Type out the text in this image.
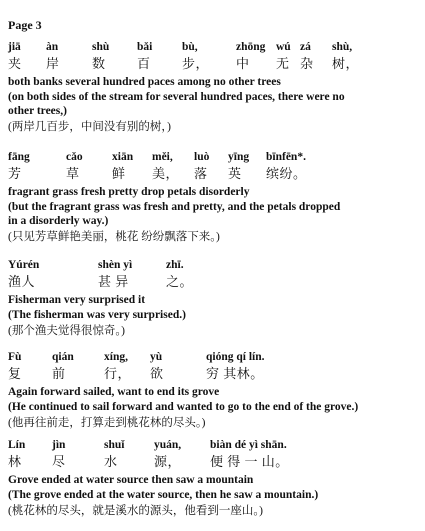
Page 3
jiā
夹
àn
岸
shù
数
bǎi
百
bù,
步，
zhōng
中
wú
无
zá
杂
shù,
树，
both banks several hundred paces among no other trees
(on both sides of the stream for several hundred paces, there were no
other trees,)
(两岸几百步，中间没有别的树，)
fāng
芳
cǎo
草
xiān
鲜
měi,
美，
luò
落
yīng
英
bīnfēn*.
缤纷。
fragrant grass fresh pretty drop petals disorderly
(but the fragrant grass was fresh and pretty, and the petals dropped
in a disorderly way.)
(只见芳草鲜艳美丽，桃花 纷纷飘落下来。)
Yúrén
渔人
shèn yì
甚 异
zhī.
之。
Fisherman very surprised it
(The fisherman was very surprised.)
(那个渔夫觉得很惊奇。)
Fù
复
qián
前
xíng,
行，
yù
欲
qióng qí lín.
穷 其林。
Again forward sailed, want to end its grove
(He continued to sail forward and wanted to go to the end of the grove.)
(他再往前走，打算走到桃花林的尽头。)
Lín
林
jìn
尽
shuǐ
水
yuán,
源，
biàn dé yì shān.
便 得 一 山。
Grove ended at water source then saw a mountain
(The grove ended at the water source, then he saw a mountain.)
(桃花林的尽头，就是溪水的源头，他看到一座山。)
